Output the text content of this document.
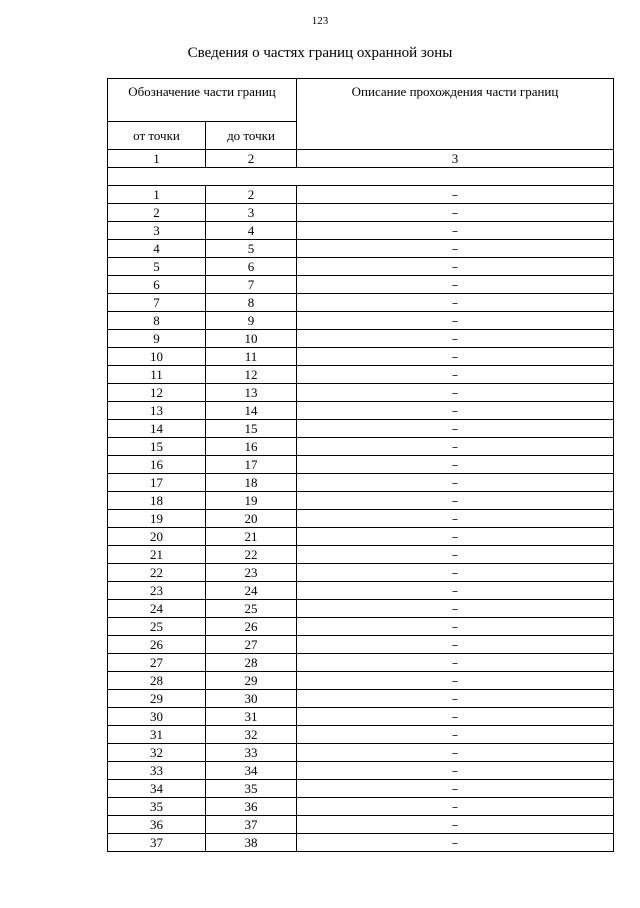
123
Сведения о частях границ охранной зоны
Обозначение части границ		Описание прохождения части границ
от точки	до точки	
1	2	3

1	2	–
2	3	–
3	4	–
4	5	–
5	6	–
6	7	–
7	8	–
8	9	–
9	10	–
10	11	–
11	12	–
12	13	–
13	14	–
14	15	–
15	16	–
16	17	–
17	18	–
18	19	–
19	20	–
20	21	–
21	22	–
22	23	–
23	24	–
24	25	–
25	26	–
26	27	–
27	28	–
28	29	–
29	30	–
30	31	–
31	32	–
32	33	–
33	34	–
34	35	–
35	36	–
36	37	–
37	38	–
